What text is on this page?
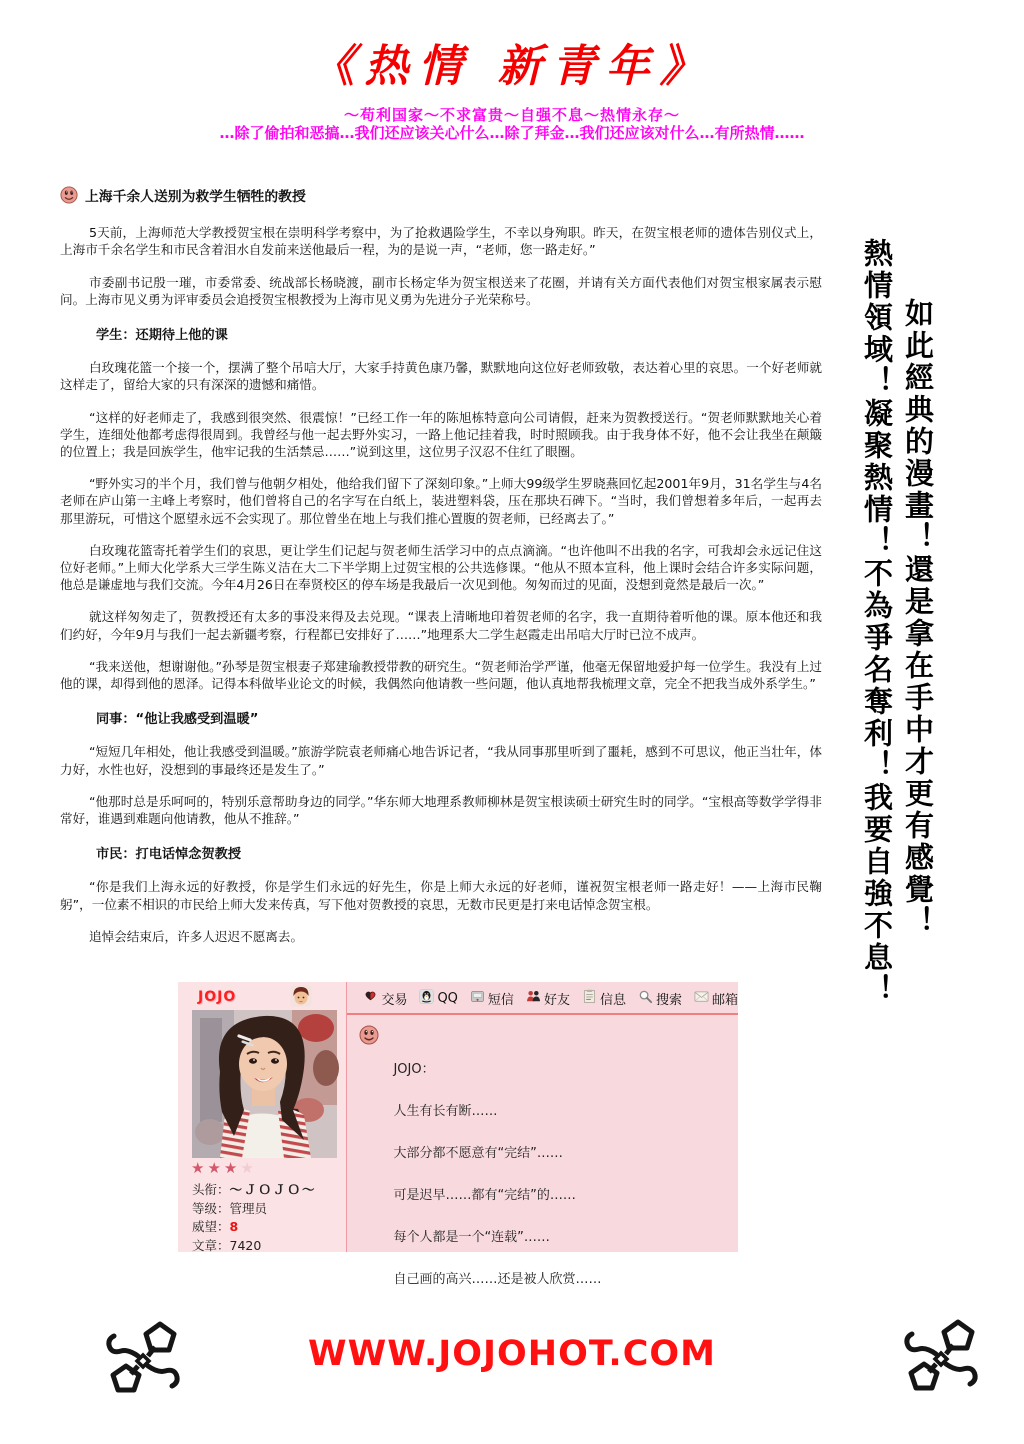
《热情 新青年》
～苟利国家～不求富贵～自强不息～热情永存～
…除了偷拍和恶搞…我们还应该关心什么…除了拜金…我们还应该对什么…有所热情……
上海千余人送别为救学生牺牲的教授
5天前，上海师范大学教授贺宝根在崇明科学考察中，为了抢救遇险学生，不幸以身殉职。昨天，在贺宝根老师的遗体告别仪式上，上海市千余名学生和市民含着泪水自发前来送他最后一程，为的是说一声，“老师，您一路走好。”
市委副书记殷一璀，市委常委、统战部长杨晓渡，副市长杨定华为贺宝根送来了花圈，并请有关方面代表他们对贺宝根家属表示慰问。上海市见义勇为评审委员会追授贺宝根教授为上海市见义勇为先进分子光荣称号。
学生：还期待上他的课
白玫瑰花篮一个接一个，摆满了整个吊唁大厅，大家手持黄色康乃馨，默默地向这位好老师致敬，表达着心里的哀思。一个好老师就这样走了，留给大家的只有深深的遗憾和痛惜。
“这样的好老师走了，我感到很突然、很震惊！”已经工作一年的陈旭栋特意向公司请假，赶来为贺教授送行。“贺老师默默地关心着学生，连细处他都考虑得很周到。我曾经与他一起去野外实习，一路上他记挂着我，时时照顾我。由于我身体不好，他不会让我坐在颠簸的位置上；我是回族学生，他牢记我的生活禁忌……”说到这里，这位男子汉忍不住红了眼圈。
“野外实习的半个月，我们曾与他朝夕相处，他给我们留下了深刻印象。”上师大99级学生罗晓燕回忆起2001年9月，31名学生与4名老师在庐山第一主峰上考察时，他们曾将自己的名字写在白纸上，装进塑料袋，压在那块石碑下。“当时，我们曾想着多年后，一起再去那里游玩，可惜这个愿望永远不会实现了。那位曾坐在地上与我们推心置腹的贺老师，已经离去了。”
白玫瑰花篮寄托着学生们的哀思，更让学生们记起与贺老师生活学习中的点点滴滴。“也许他叫不出我的名字，可我却会永远记住这位好老师。”上师大化学系大三学生陈义洁在大二下半学期上过贺宝根的公共选修课。“他从不照本宣科，他上课时会结合许多实际问题，他总是谦虚地与我们交流。今年4月26日在奉贤校区的停车场是我最后一次见到他。匆匆而过的见面，没想到竟然是最后一次。”
就这样匆匆走了，贺教授还有太多的事没来得及去兑现。“课表上清晰地印着贺老师的名字，我一直期待着听他的课。原本他还和我们约好，今年9月与我们一起去新疆考察，行程都已安排好了……”地理系大二学生赵霞走出吊唁大厅时已泣不成声。
“我来送他，想谢谢他。”孙琴是贺宝根妻子郑建瑜教授带教的研究生。“贺老师治学严谨，他毫无保留地爱护每一位学生。我没有上过他的课，却得到他的恩泽。记得本科做毕业论文的时候，我偶然向他请教一些问题，他认真地帮我梳理文章，完全不把我当成外系学生。”
同事：“他让我感受到温暖”
“短短几年相处，他让我感受到温暖。”旅游学院袁老师痛心地告诉记者，“我从同事那里听到了噩耗，感到不可思议，他正当壮年，体力好，水性也好，没想到的事最终还是发生了。”
“他那时总是乐呵呵的，特别乐意帮助身边的同学。”华东师大地理系教师柳林是贺宝根读硕士研究生时的同学。“宝根高等数学学得非常好，谁遇到难题向他请教，他从不推辞。”
市民：打电话悼念贺教授
“你是我们上海永远的好教授，你是学生们永远的好先生，你是上师大永远的好老师，谨祝贺宝根老师一路走好！——上海市民鞠躬”，一位素不相识的市民给上师大发来传真，写下他对贺教授的哀思，无数市民更是打来电话悼念贺宝根。
追悼会结束后，许多人迟迟不愿离去。	熱情領域！凝聚熱情！不為爭名奪利！我要自強不息！ 如此經典的漫畫！還是拿在手中才更有感覺！
JOJO
★★★★
头衔：～ＪＯＪＯ～
等级：管理员
威望：8
文章：7420
交易 QQ 短信 好友 信息 搜索 邮箱
JOJO：
人生有长有断……
大部分都不愿意有“完结”……
可是迟早……都有“完结”的……
每个人都是一个“连载”……
自己画的高兴……还是被人欣赏……
WWW.JOJOHOT.COM
